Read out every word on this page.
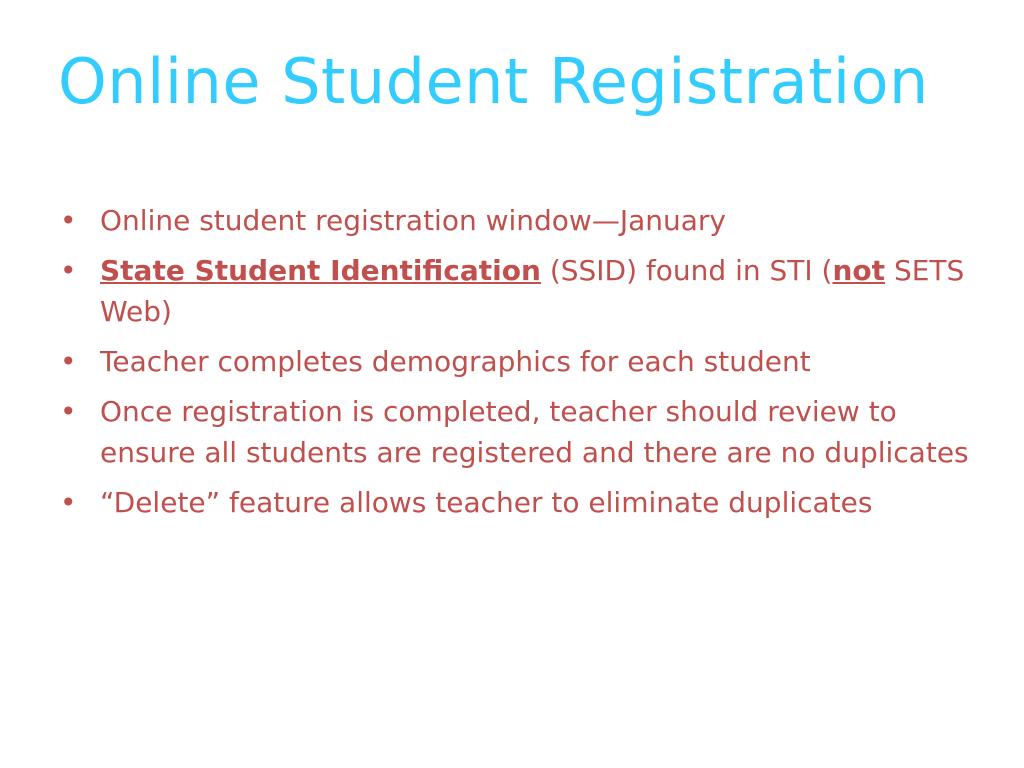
Online Student Registration
• Online student registration window—January
• State Student Identification (SSID) found in STI (not SETS Web)
• Teacher completes demographics for each student
• Once registration is completed, teacher should review to ensure all students are registered and there are no duplicates
• “Delete” feature allows teacher to eliminate duplicates
